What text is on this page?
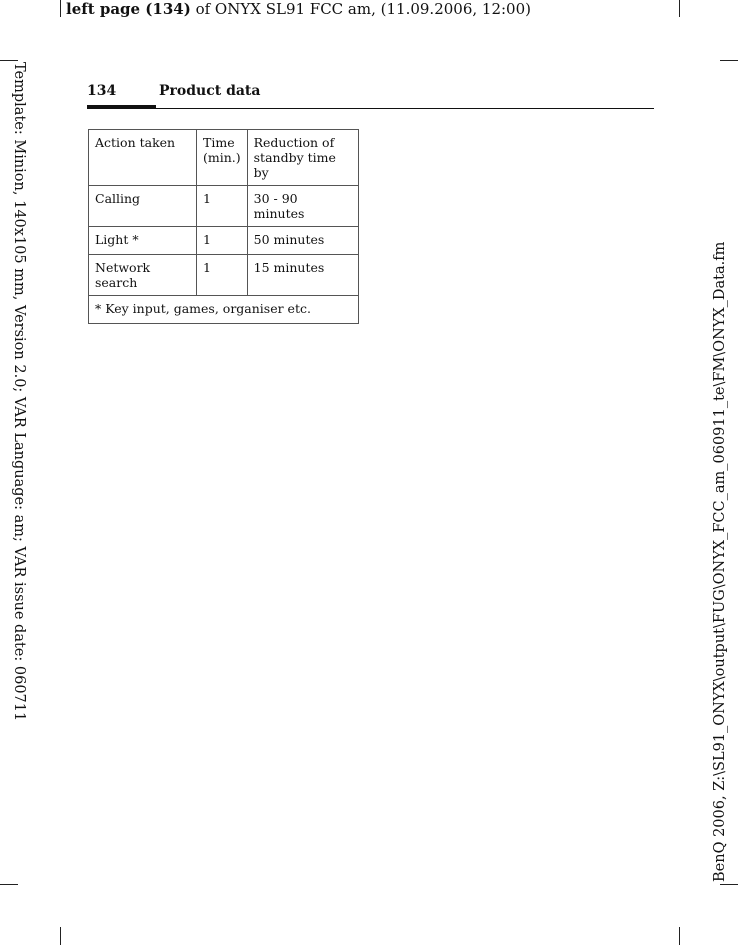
left page (134) of ONYX SL91 FCC am, (11.09.2006, 12:00)
Template: Minion, 140x105 mm, Version 2.0; VAR Language: am; VAR issue date: 060711	BenQ 2006, Z:\SL91_ONYX\output\FUG\ONYX_FCC_am_060911_te\FM\ONYX_Data.fm
134	Product data
Action taken	Time (min.)	Reduction of standby time by
Calling	1	30 - 90 minutes
Light *	1	50 minutes
Network search	1	15 minutes
* Key input, games, organiser etc.		
